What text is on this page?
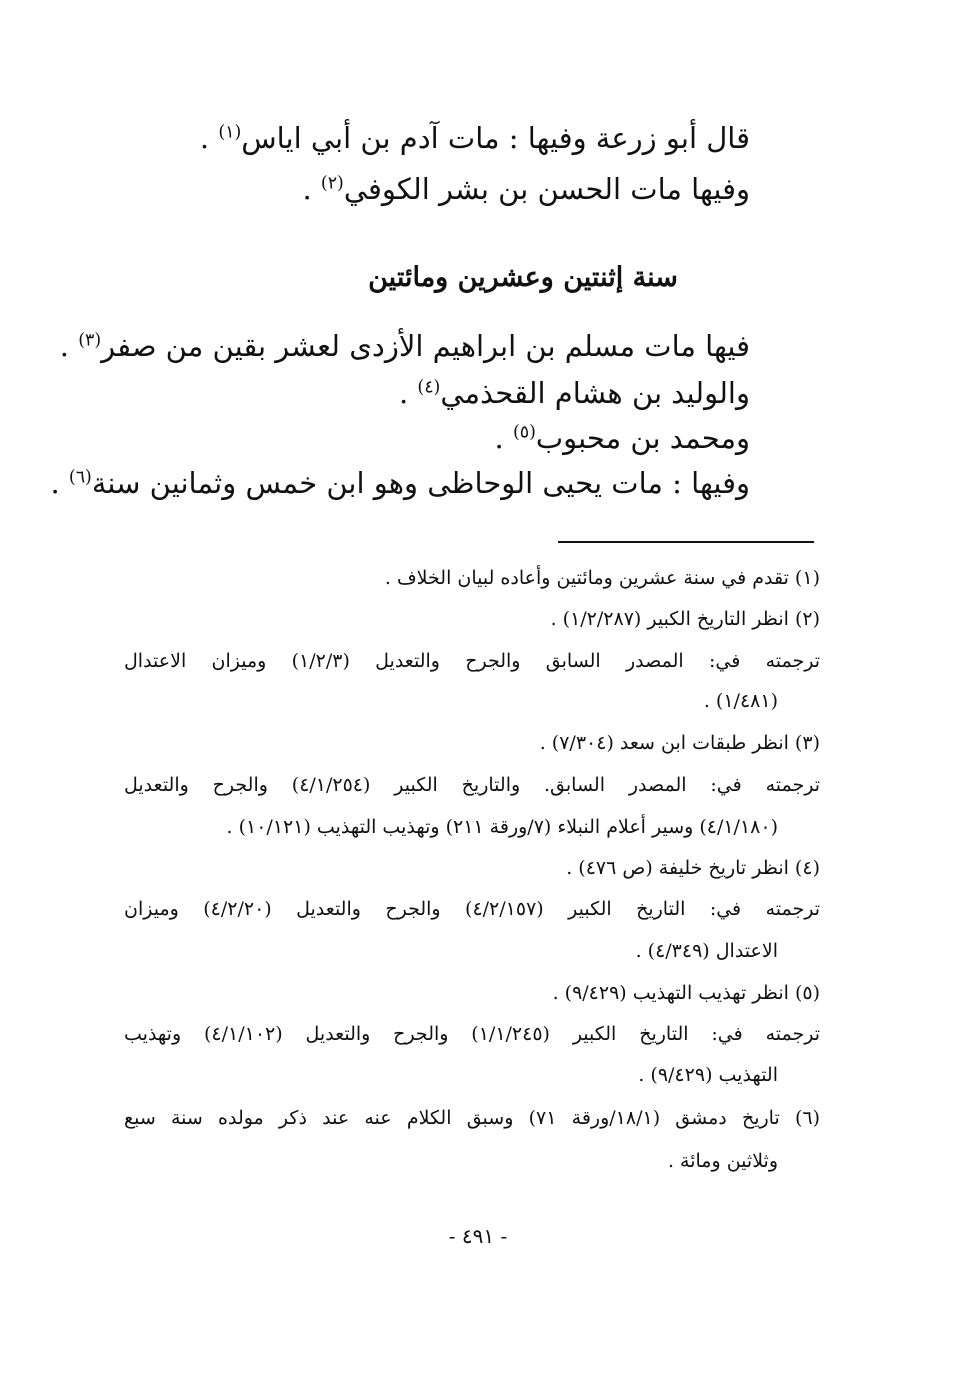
قال أبو زرعة وفيها : مات آدم بن أبي اياس$^{(١)}$ .
وفيها مات الحسن بن بشر الكوفي$^{(٢)}$ .
سنة إثنتين وعشرين ومائتين
فيها مات مسلم بن ابراهيم الأزدى لعشر بقين من صفر$^{(٣)}$ .
والوليد بن هشام القحذمي$^{(٤)}$ .
ومحمد بن محبوب$^{(٥)}$ .
وفيها : مات يحيى الوحاظى وهو ابن خمس وثمانين سنة$^{(٦)}$ .
(١) تقدم في سنة عشرين ومائتين وأعاده لبيان الخلاف .
(٢) انظر التاريخ الكبير (١/٢/٢٨٧) .
ترجمته في: المصدر السابق والجرح والتعديل (١/٢/٣) وميزان الاعتدال
(١/٤٨١) .
(٣) انظر طبقات ابن سعد (٧/٣٠٤) .
ترجمته في: المصدر السابق. والتاريخ الكبير (٤/١/٢٥٤) والجرح والتعديل
(٤/١/١٨٠) وسير أعلام النبلاء (٧/ورقة ٢١١) وتهذيب التهذيب (١٠/١٢١) .
(٤) انظر تاريخ خليفة (ص ٤٧٦) .
ترجمته في: التاريخ الكبير (٤/٢/١٥٧) والجرح والتعديل (٤/٢/٢٠) وميزان
الاعتدال (٤/٣٤٩) .
(٥) انظر تهذيب التهذيب (٩/٤٢٩) .
ترجمته في: التاريخ الكبير (١/١/٢٤٥) والجرح والتعديل (٤/١/١٠٢) وتهذيب
التهذيب (٩/٤٢٩) .
(٦) تاريخ دمشق (١٨/١/ورقة ٧١) وسبق الكلام عنه عند ذكر مولده سنة سبع
وثلاثين ومائة .
- ٤٩١ -
